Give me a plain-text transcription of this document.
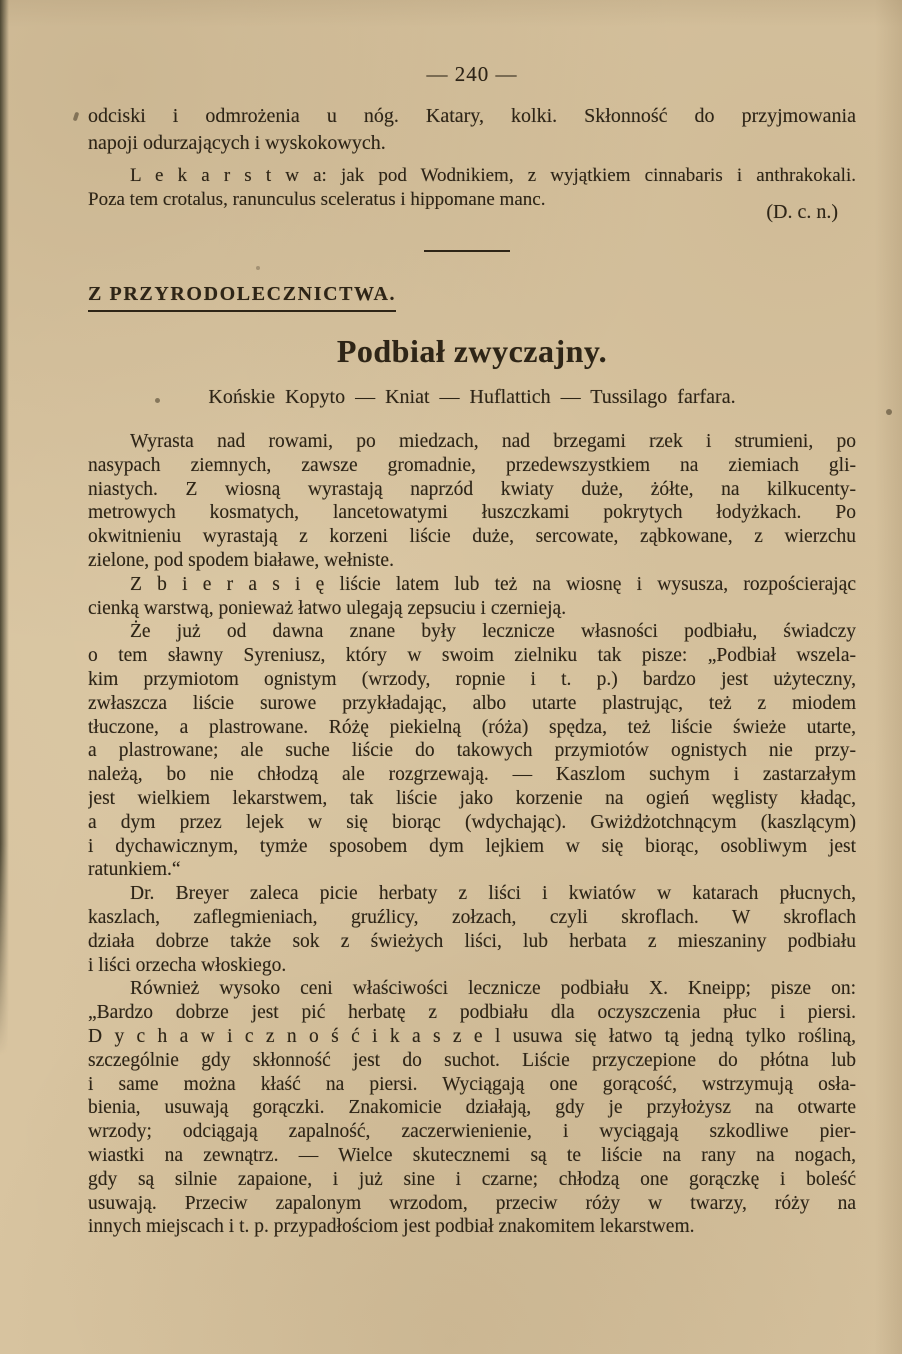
— 240 —
odciski i odmrożenia u nóg. Katary, kolki. Skłonność do przyjmowania
napoji odurzających i wyskokowych.
L e k a r s t w a: jak pod Wodnikiem, z wyjątkiem cinnabaris i anthrakokali.
Poza tem crotalus, ranunculus sceleratus i hippomane manc.
(D. c. n.)
Z PRZYRODOLECZNICTWA.
Podbiał zwyczajny.
Końskie Kopyto — Kniat — Huflattich — Tussilago farfara.
Wyrasta nad rowami, po miedzach, nad brzegami rzek i strumieni, po
nasypach ziemnych, zawsze gromadnie, przedewszystkiem na ziemiach gli-
niastych. Z wiosną wyrastają naprzód kwiaty duże, żółte, na kilkucenty-
metrowych kosmatych, lancetowatymi łuszczkami pokrytych łodyżkach. Po
okwitnieniu wyrastają z korzeni liście duże, sercowate, ząbkowane, z wierzchu
zielone, pod spodem białawe, wełniste.
Z b i e r a s i ę liście latem lub też na wiosnę i wysusza, rozpościerając
cienką warstwą, ponieważ łatwo ulegają zepsuciu i czernieją.
Że już od dawna znane były lecznicze własności podbiału, świadczy
o tem sławny Syreniusz, który w swoim zielniku tak pisze: „Podbiał wszela-
kim przymiotom ognistym (wrzody, ropnie i t. p.) bardzo jest użyteczny,
zwłaszcza liście surowe przykładając, albo utarte plastrując, też z miodem
tłuczone, a plastrowane. Różę piekielną (róża) spędza, też liście świeże utarte,
a plastrowane; ale suche liście do takowych przymiotów ognistych nie przy-
należą, bo nie chłodzą ale rozgrzewają. — Kaszlom suchym i zastarzałym
jest wielkiem lekarstwem, tak liście jako korzenie na ogień węglisty kładąc,
a dym przez lejek w się biorąc (wdychając). Gwiżdżotchnącym (kaszlącym)
i dychawicznym, tymże sposobem dym lejkiem w się biorąc, osobliwym jest
ratunkiem.“
Dr. Breyer zaleca picie herbaty z liści i kwiatów w katarach płucnych,
kaszlach, zaflegmieniach, gruźlicy, zołzach, czyli skroflach. W skroflach
działa dobrze także sok z świeżych liści, lub herbata z mieszaniny podbiału
i liści orzecha włoskiego.
Również wysoko ceni właściwości lecznicze podbiału X. Kneipp; pisze on:
„Bardzo dobrze jest pić herbatę z podbiału dla oczyszczenia płuc i piersi.
D y c h a w i c z n o ś ć i k a s z e l usuwa się łatwo tą jedną tylko rośliną,
szczególnie gdy skłonność jest do suchot. Liście przyczepione do płótna lub
i same można kłaść na piersi. Wyciągają one gorącość, wstrzymują osła-
bienia, usuwają gorączki. Znakomicie działają, gdy je przyłożysz na otwarte
wrzody; odciągają zapalność, zaczerwienienie, i wyciągają szkodliwe pier-
wiastki na zewnątrz. — Wielce skutecznemi są te liście na rany na nogach,
gdy są silnie zapaione, i już sine i czarne; chłodzą one gorączkę i boleść
usuwają. Przeciw zapalonym wrzodom, przeciw róży w twarzy, róży na
innych miejscach i t. p. przypadłościom jest podbiał znakomitem lekarstwem.
